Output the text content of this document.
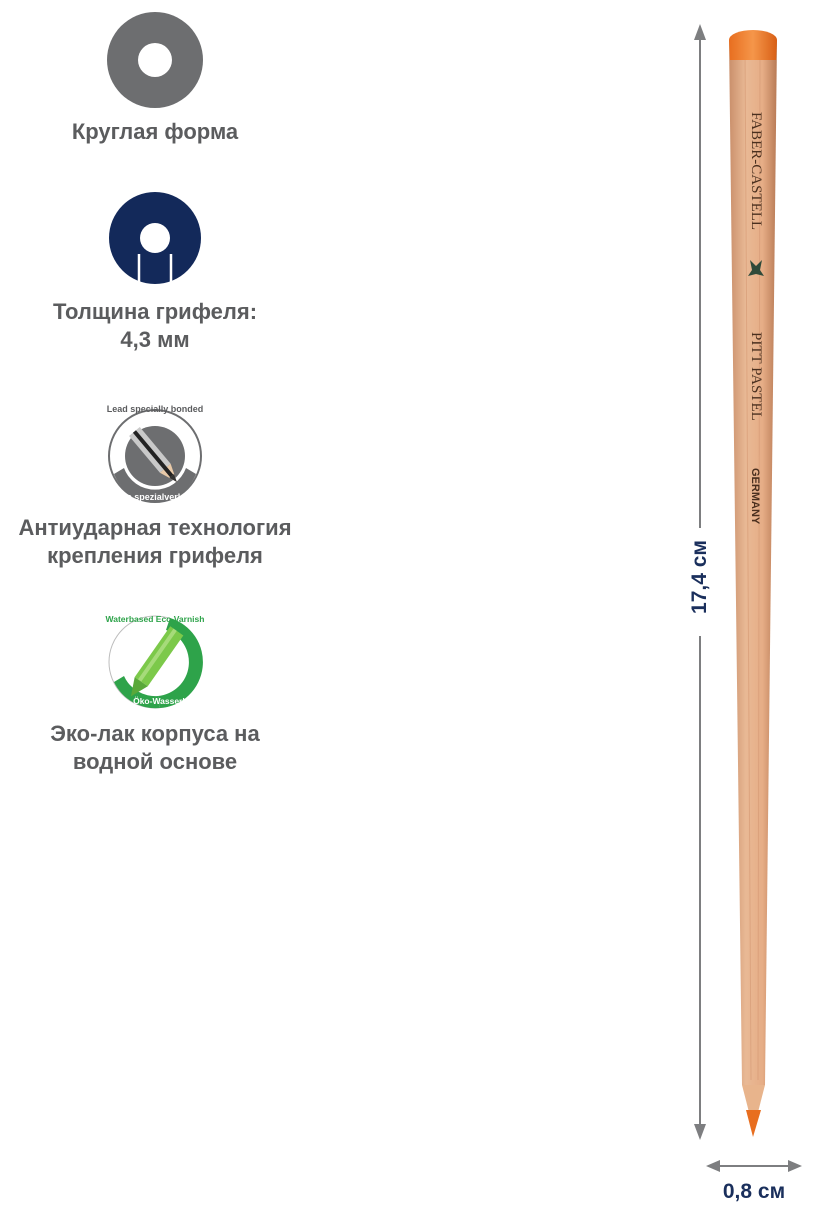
Круглая форма
Толщина грифеля:
4,3 мм
Lead specially bonded
Mine spezialverleimt
Антиударная технология
крепления грифеля
Waterbased Eco Varnish
Öko-Wasserlack
Эко-лак корпуса на
водной основе
FABER-CASTELL
PITT PASTEL
GERMANY
17,4 см
0,8 см
